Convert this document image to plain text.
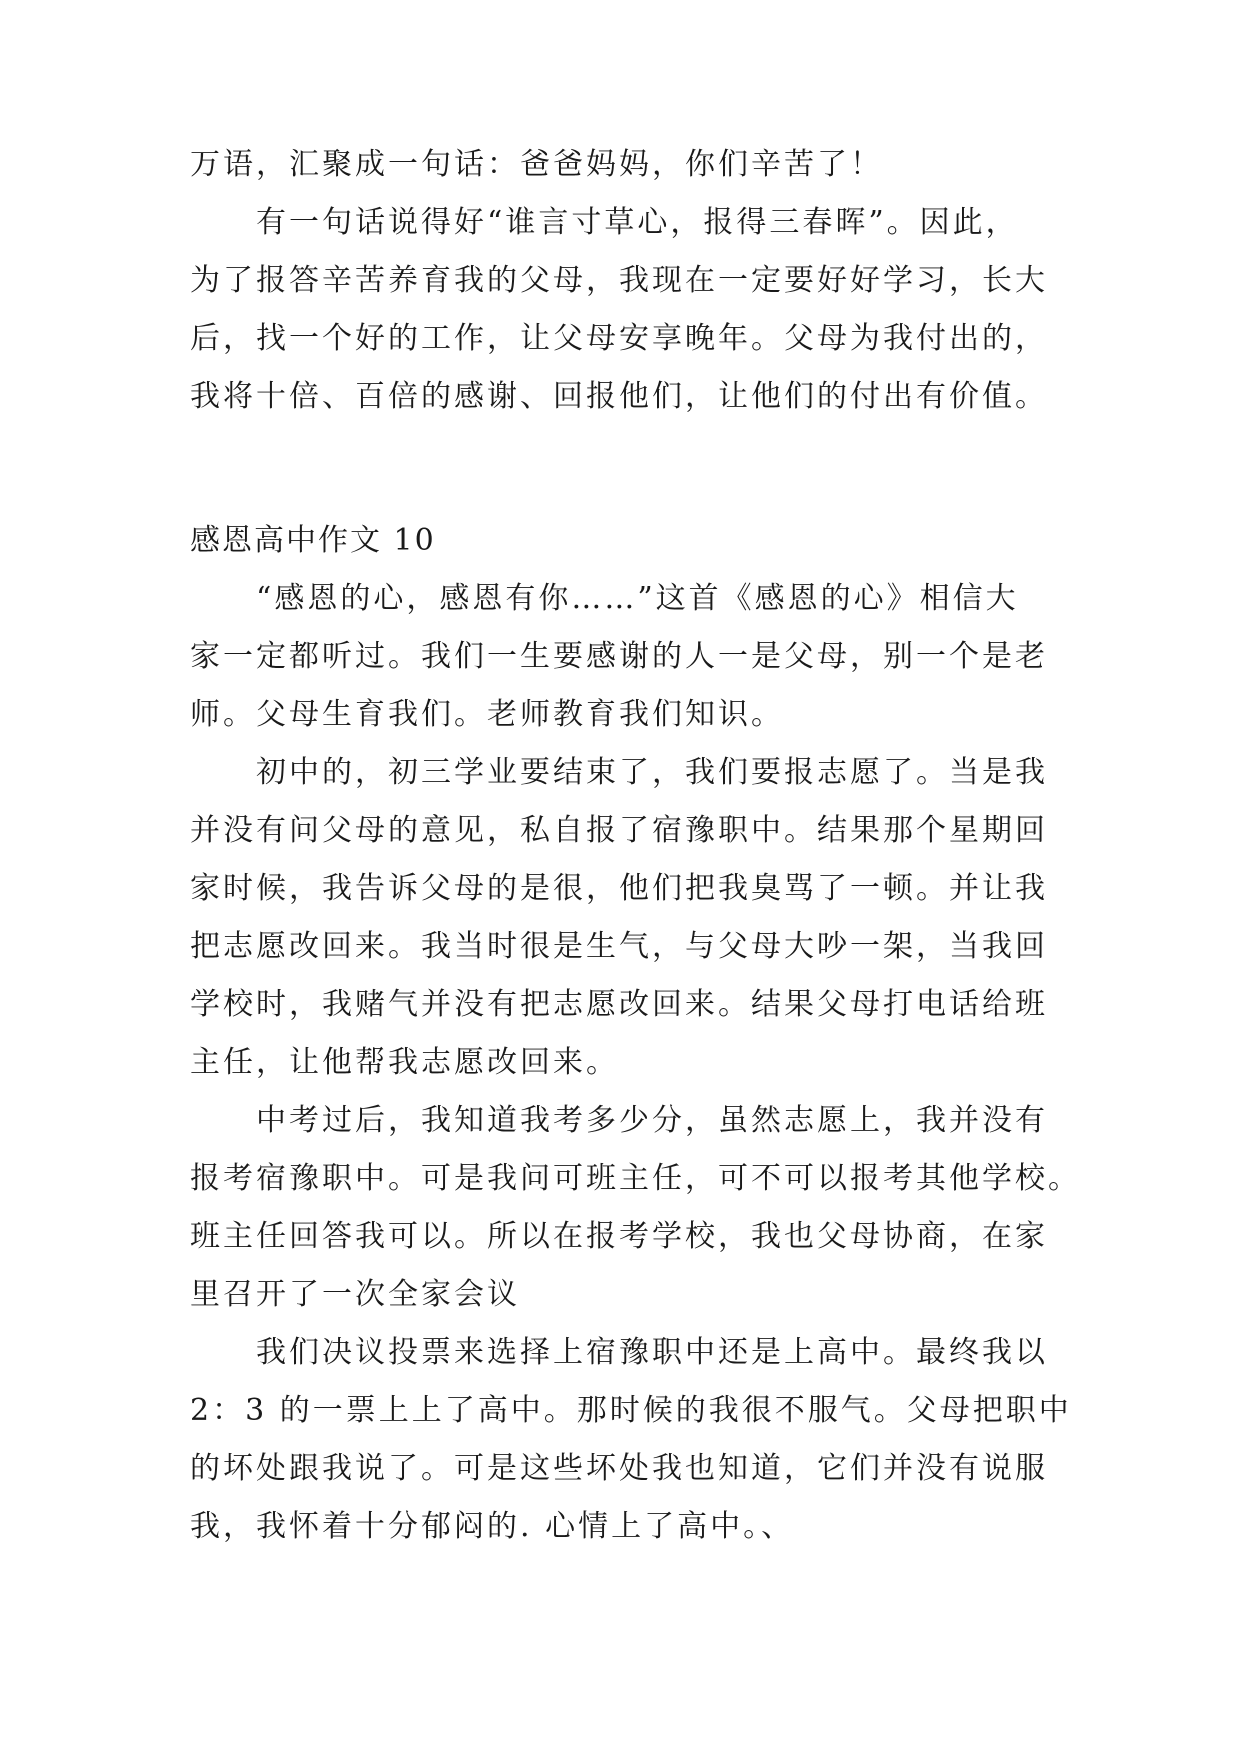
万语，汇聚成一句话：爸爸妈妈，你们辛苦了！
有一句话说得好“谁言寸草心，报得三春晖”。因此，
为了报答辛苦养育我的父母，我现在一定要好好学习，长大
后，找一个好的工作，让父母安享晚年。父母为我付出的，
我将十倍、百倍的感谢、回报他们，让他们的付出有价值。
感恩高中作文 10
“感恩的心，感恩有你……”这首《感恩的心》相信大
家一定都听过。我们一生要感谢的人一是父母，别一个是老
师。父母生育我们。老师教育我们知识。
初中的，初三学业要结束了，我们要报志愿了。当是我
并没有问父母的意见，私自报了宿豫职中。结果那个星期回
家时候，我告诉父母的是很，他们把我臭骂了一顿。并让我
把志愿改回来。我当时很是生气，与父母大吵一架，当我回
学校时，我赌气并没有把志愿改回来。结果父母打电话给班
主任，让他帮我志愿改回来。
中考过后，我知道我考多少分，虽然志愿上，我并没有
报考宿豫职中。可是我问可班主任，可不可以报考其他学校。
班主任回答我可以。所以在报考学校，我也父母协商，在家
里召开了一次全家会议
我们决议投票来选择上宿豫职中还是上高中。最终我以
2：3 的一票上上了高中。那时候的我很不服气。父母把职中
的坏处跟我说了。可是这些坏处我也知道，它们并没有说服
我，我怀着十分郁闷的. 心情上了高中。、
